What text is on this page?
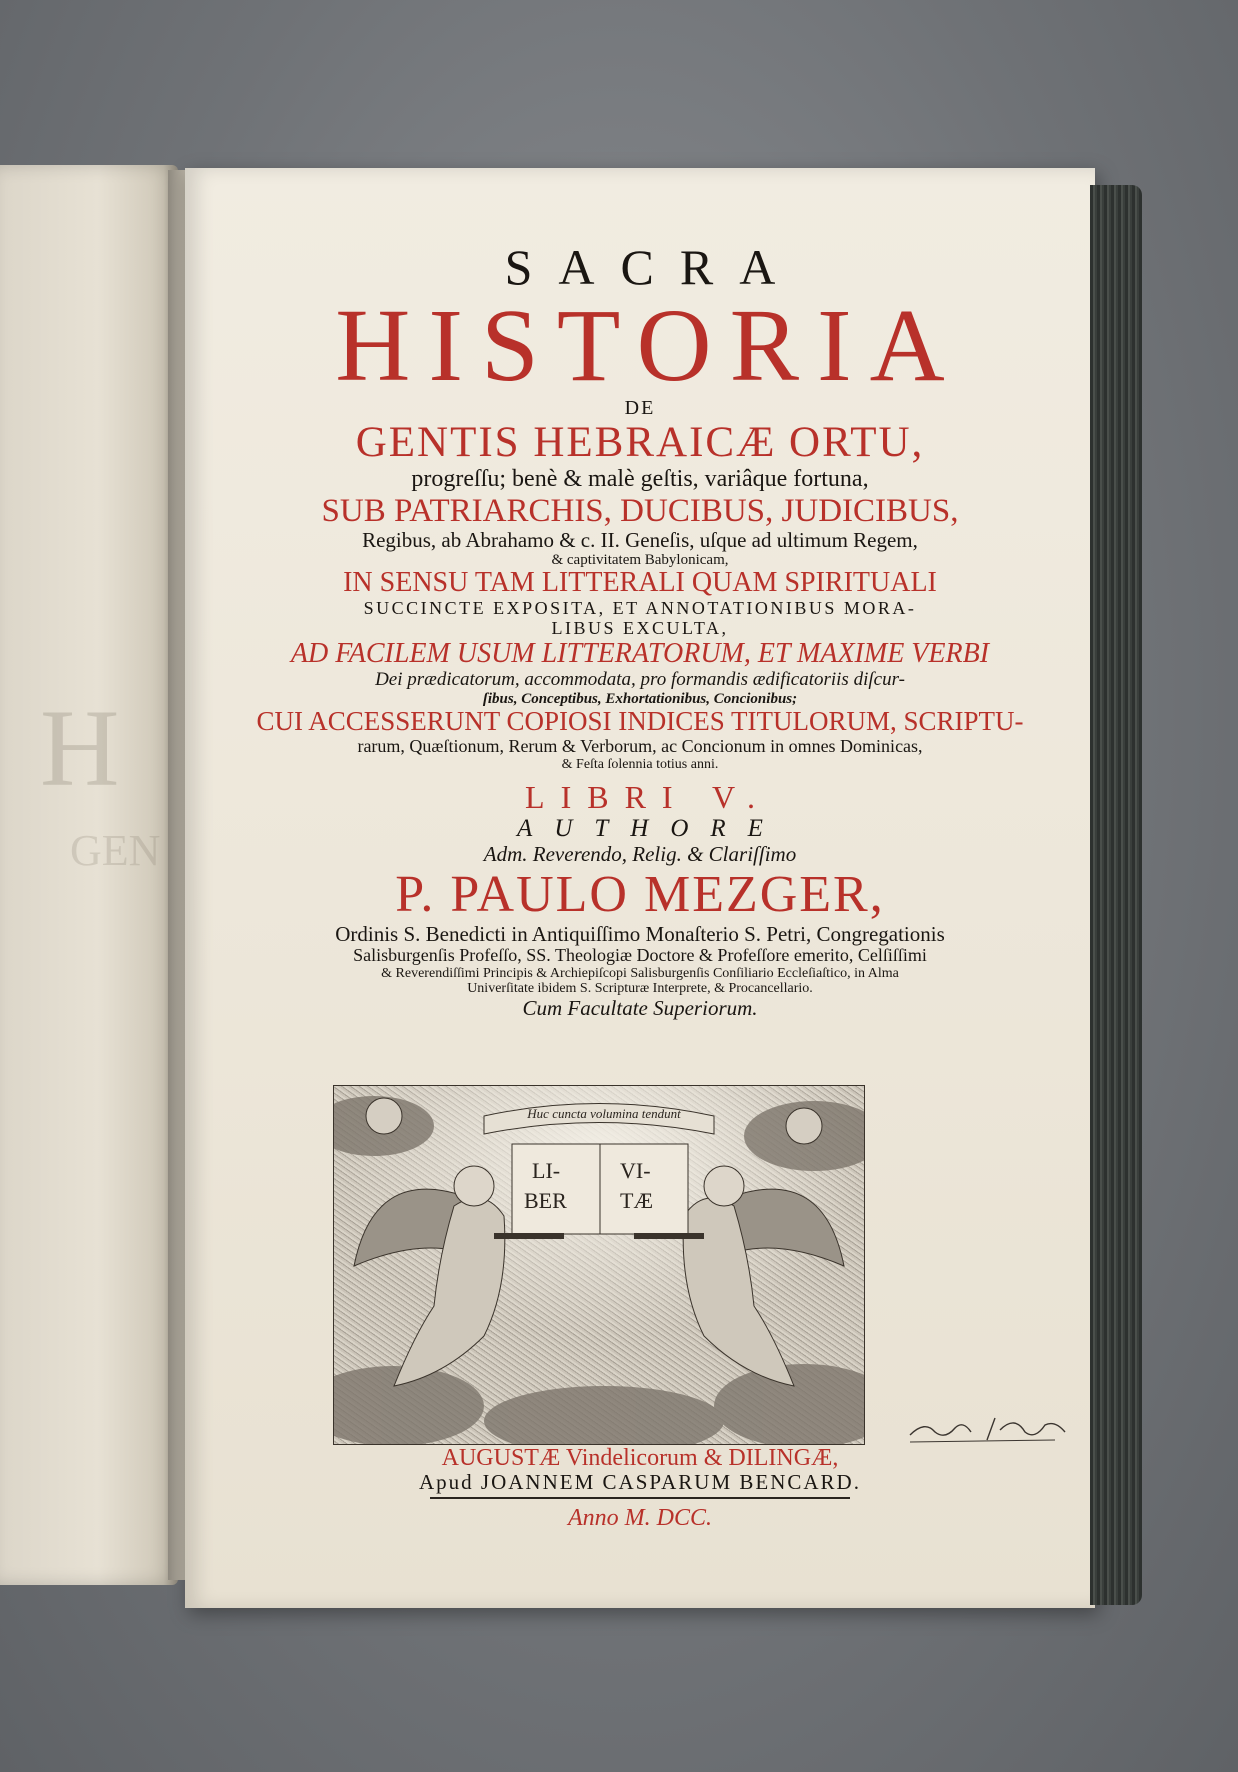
H
GEN
SACRA
HISTORIA
DE
GENTIS HEBRAICÆ ORTU,
progreſſu; benè & malè geſtis, variâque fortuna,
SUB PATRIARCHIS, DUCIBUS, JUDICIBUS,
Regibus, ab Abrahamo & c. II. Geneſis, uſque ad ultimum Regem,
& captivitatem Babylonicam,
IN SENSU TAM LITTERALI QUAM SPIRITUALI
SUCCINCTE EXPOSITA, ET ANNOTATIONIBUS MORA-
LIBUS EXCULTA,
AD FACILEM USUM LITTERATORUM, ET MAXIME VERBI
Dei prædicatorum, accommodata, pro formandis ædificatoriis diſcur-
ſibus, Conceptibus, Exhortationibus, Concionibus;
CUI ACCESSERUNT COPIOSI INDICES TITULORUM, SCRIPTU-
rarum, Quæſtionum, Rerum & Verborum, ac Concionum in omnes Dominicas,
& Feſta ſolennia totius anni.
LIBRI V.
AUTHORE
Adm. Reverendo, Relig. & Clariſſimo
P. PAULO MEZGER,
Ordinis S. Benedicti in Antiquiſſimo Monaſterio S. Petri, Congregationis
Salisburgenſis Profeſſo, SS. Theologiæ Doctore & Profeſſore emerito, Celſiſſimi
& Reverendiſſimi Principis & Archiepiſcopi Salisburgenſis Conſiliario Eccleſiaſtico, in Alma
Univerſitate ibidem S. Scripturæ Interprete, & Procancellario.
Cum Facultate Superiorum.
Huc cuncta volumina tendunt
LI-
BER
VI-
TÆ
AUGUSTÆ Vindelicorum & DILINGÆ,
Apud JOANNEM CASPARUM BENCARD.
Anno M. DCC.
